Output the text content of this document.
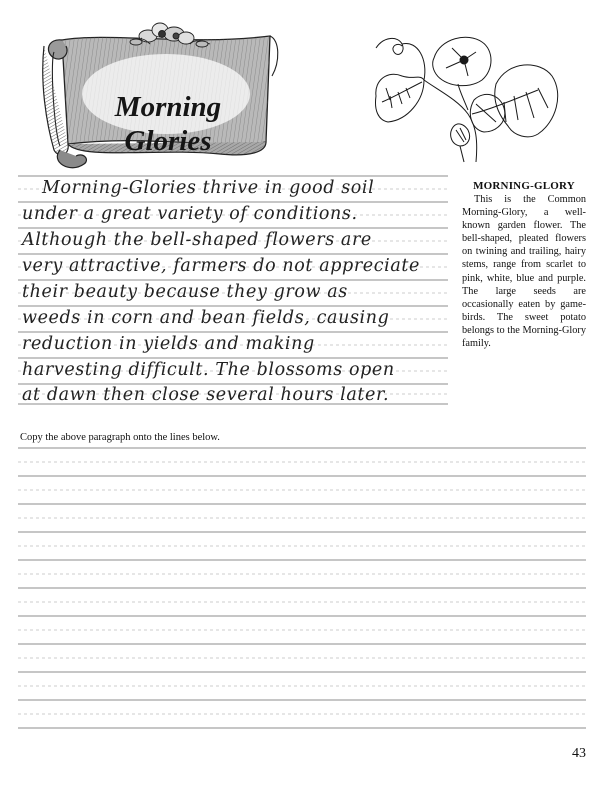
Morning
Glories
Morning-Glories thrive in good soil
under a great variety of conditions.
Although the bell-shaped flowers are
very attractive, farmers do not appreciate
their beauty because they grow as
weeds in corn and bean fields, causing
reduction in yields and making
harvesting difficult. The blossoms open
at dawn then close several hours later.
MORNING-GLORY
This is the Common Morning-Glory, a well-known garden flower. The bell-shaped, pleated flowers on twining and trailing, hairy stems, range from scarlet to pink, white, blue and purple. The large seeds are occasionally eaten by game-birds. The sweet potato belongs to the Morning-Glory family.
Copy the above paragraph onto the lines below.
43
